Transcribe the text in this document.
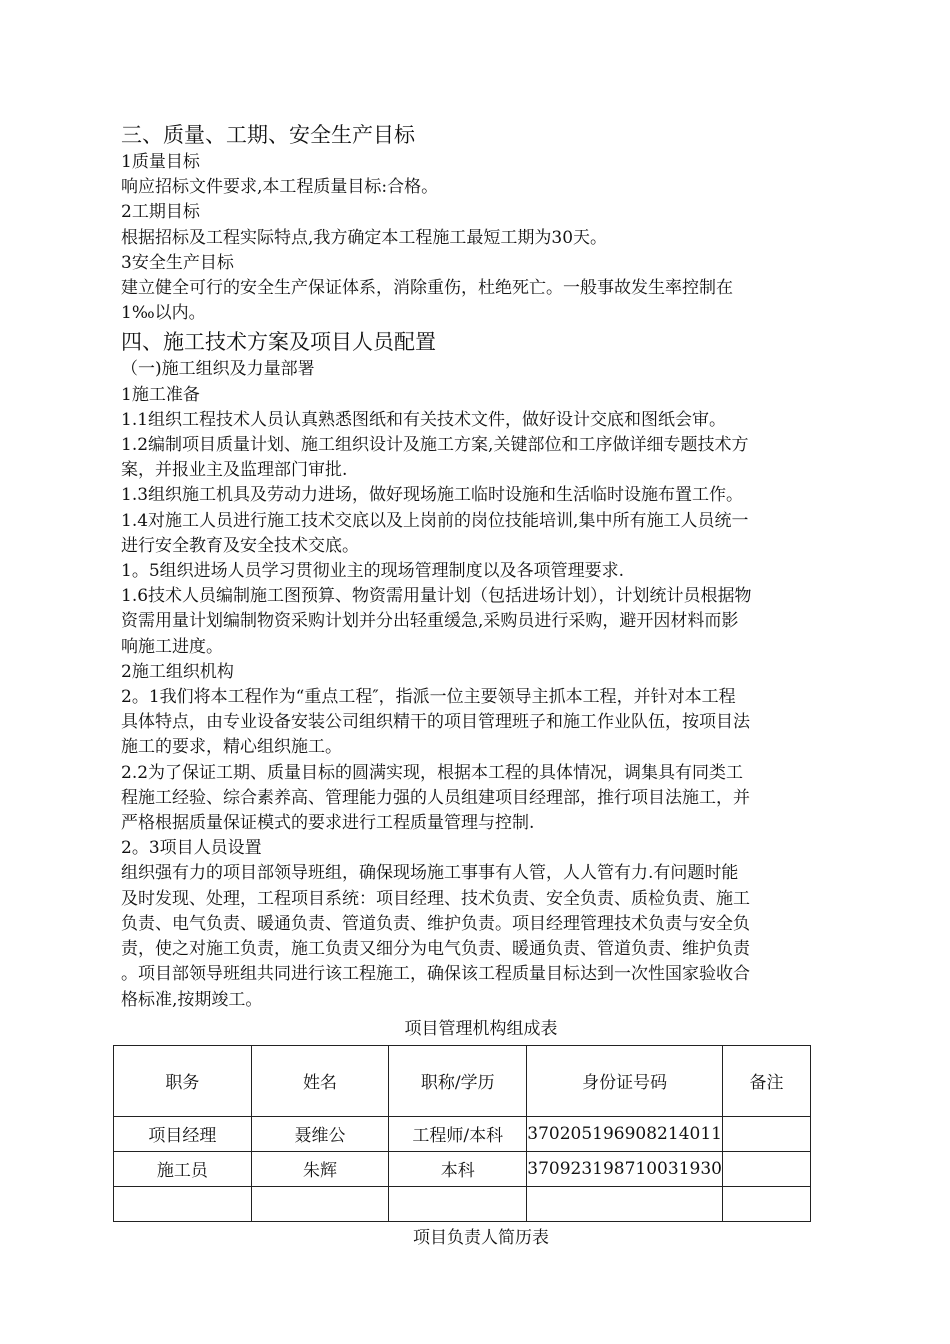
三、质量、工期、安全生产目标

1质量目标

响应招标文件要求,本工程质量目标:合格。

2工期目标

根据招标及工程实际特点,我方确定本工程施工最短工期为30天。

3安全生产目标

建立健全可行的安全生产保证体系，消除重伤，杜绝死亡。一般事故发生率控制在

1‰以内。

四、施工技术方案及项目人员配置

（一)施工组织及力量部署

1施工准备

1.1组织工程技术人员认真熟悉图纸和有关技术文件，做好设计交底和图纸会审。

1.2编制项目质量计划、施工组织设计及施工方案,关键部位和工序做详细专题技术方

案，并报业主及监理部门审批.

1.3组织施工机具及劳动力进场，做好现场施工临时设施和生活临时设施布置工作。

1.4对施工人员进行施工技术交底以及上岗前的岗位技能培训,集中所有施工人员统一

进行安全教育及安全技术交底。

1。5组织进场人员学习贯彻业主的现场管理制度以及各项管理要求.

1.6技术人员编制施工图预算、物资需用量计划（包括进场计划），计划统计员根据物

资需用量计划编制物资采购计划并分出轻重缓急,采购员进行采购，避开因材料而影

响施工进度。

2施工组织机构

2。1我们将本工程作为“重点工程″，指派一位主要领导主抓本工程，并针对本工程

具体特点，由专业设备安装公司组织精干的项目管理班子和施工作业队伍，按项目法

施工的要求，精心组织施工。

2.2为了保证工期、质量目标的圆满实现，根据本工程的具体情况，调集具有同类工

程施工经验、综合素养高、管理能力强的人员组建项目经理部，推行项目法施工，并

严格根据质量保证模式的要求进行工程质量管理与控制.

2。3项目人员设置

组织强有力的项目部领导班组，确保现场施工事事有人管，人人管有力.有问题时能

及时发现、处理，工程项目系统：项目经理、技术负责、安全负责、质检负责、施工

负责、电气负责、暖通负责、管道负责、维护负责。项目经理管理技术负责与安全负

责，使之对施工负责，施工负责又细分为电气负责、暖通负责、管道负责、维护负责

。项目部领导班组共同进行该工程施工，确保该工程质量目标达到一次性国家验收合

格标准,按期竣工。

项目管理机构组成表

职务	姓名	职称/学历	身份证号码	备注
项目经理	聂维公	工程师/本科	370205196908214011	
施工员	朱辉	本科	370923198710031930	

项目负责人简历表
